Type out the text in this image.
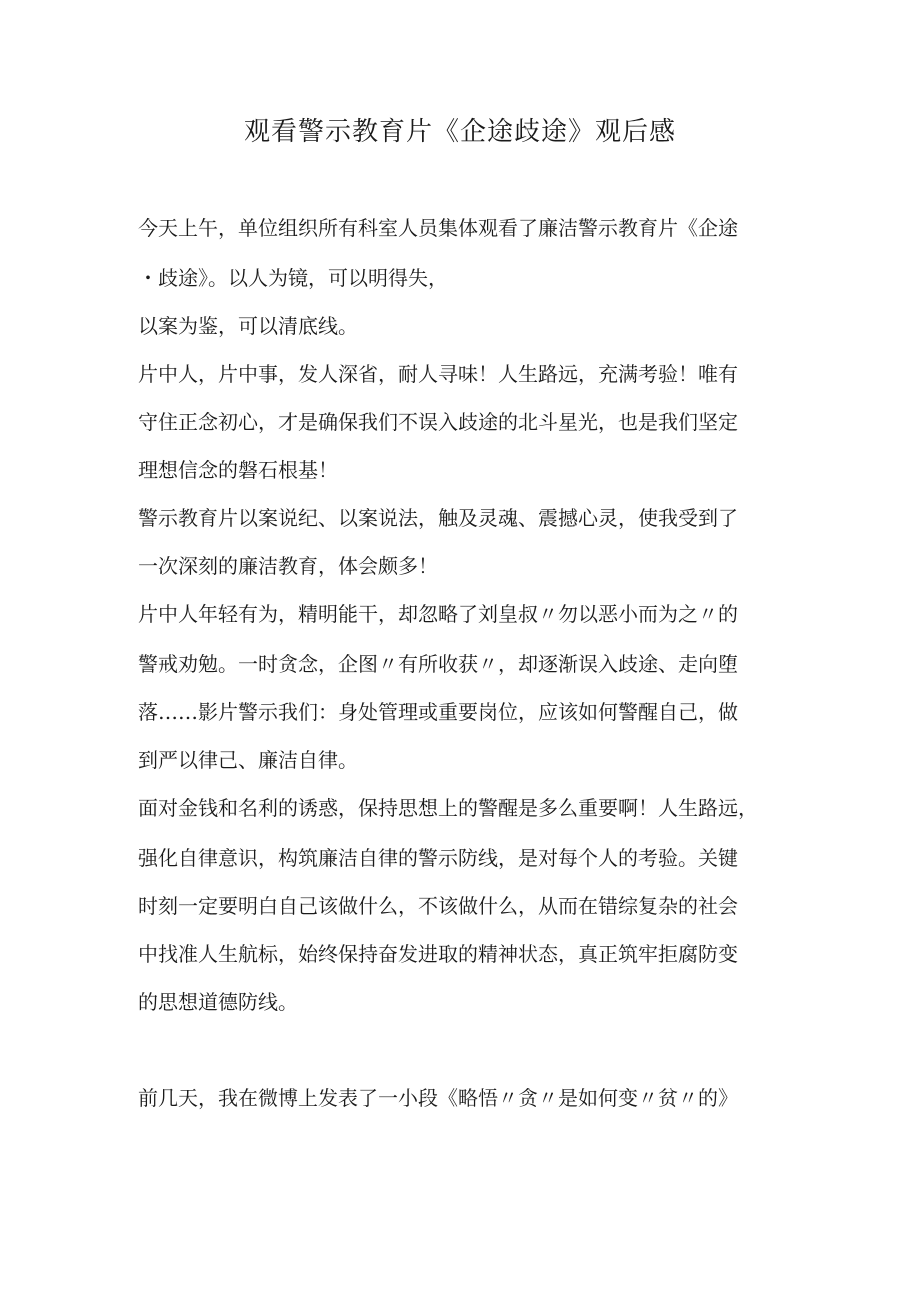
观看警示教育片《企途歧途》观后感
今天上午，单位组织所有科室人员集体观看了廉洁警示教育片《企途
・歧途》。以人为镜，可以明得失，
以案为鉴，可以清底线。
片中人，片中事，发人深省，耐人寻味！人生路远，充满考验！唯有
守住正念初心，才是确保我们不误入歧途的北斗星光，也是我们坚定
理想信念的磐石根基！
警示教育片以案说纪、以案说法，触及灵魂、震撼心灵，使我受到了
一次深刻的廉洁教育，体会颇多！
片中人年轻有为，精明能干，却忽略了刘皇叔〃勿以恶小而为之〃的
警戒劝勉。一时贪念，企图〃有所收获〃，却逐渐误入歧途、走向堕
落……影片警示我们：身处管理或重要岗位，应该如何警醒自己，做
到严以律己、廉洁自律。
面对金钱和名利的诱惑，保持思想上的警醒是多么重要啊！人生路远，
强化自律意识，构筑廉洁自律的警示防线，是对每个人的考验。关键
时刻一定要明白自己该做什么，不该做什么，从而在错综复杂的社会
中找准人生航标，始终保持奋发进取的精神状态，真正筑牢拒腐防变
的思想道德防线。
前几天，我在微博上发表了一小段《略悟〃贪〃是如何变〃贫〃的》
